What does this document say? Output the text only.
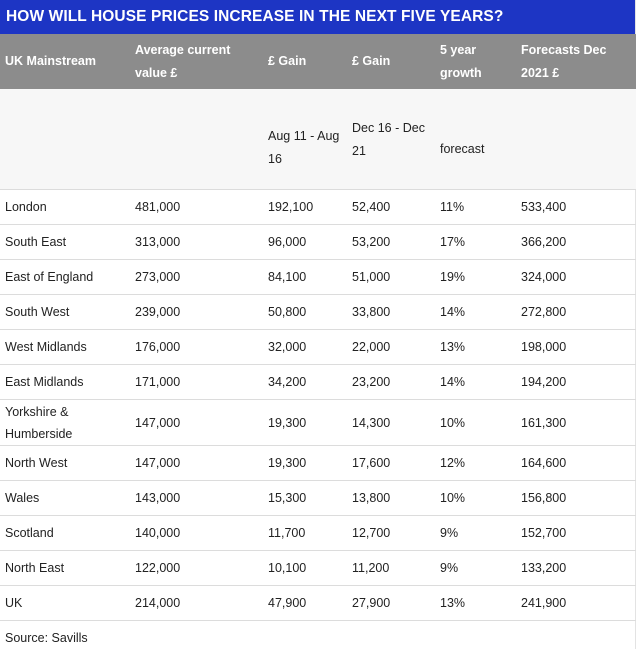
HOW WILL HOUSE PRICES INCREASE IN THE NEXT FIVE YEARS?
UK Mainstream	Average current value £	£ Gain	£ Gain	5 year growth	Forecasts Dec 2021 £
		Aug 11 - Aug 16	Dec 16 - Dec 21	forecast	
London	481,000	192,100	52,400	11%	533,400
South East	313,000	96,000	53,200	17%	366,200
East of England	273,000	84,100	51,000	19%	324,000
South West	239,000	50,800	33,800	14%	272,800
West Midlands	176,000	32,000	22,000	13%	198,000
East Midlands	171,000	34,200	23,200	14%	194,200
Yorkshire & Humberside	147,000	19,300	14,300	10%	161,300
North West	147,000	19,300	17,600	12%	164,600
Wales	143,000	15,300	13,800	10%	156,800
Scotland	140,000	11,700	12,700	9%	152,700
North East	122,000	10,100	11,200	9%	133,200
UK	214,000	47,900	27,900	13%	241,900
Source: Savills					
